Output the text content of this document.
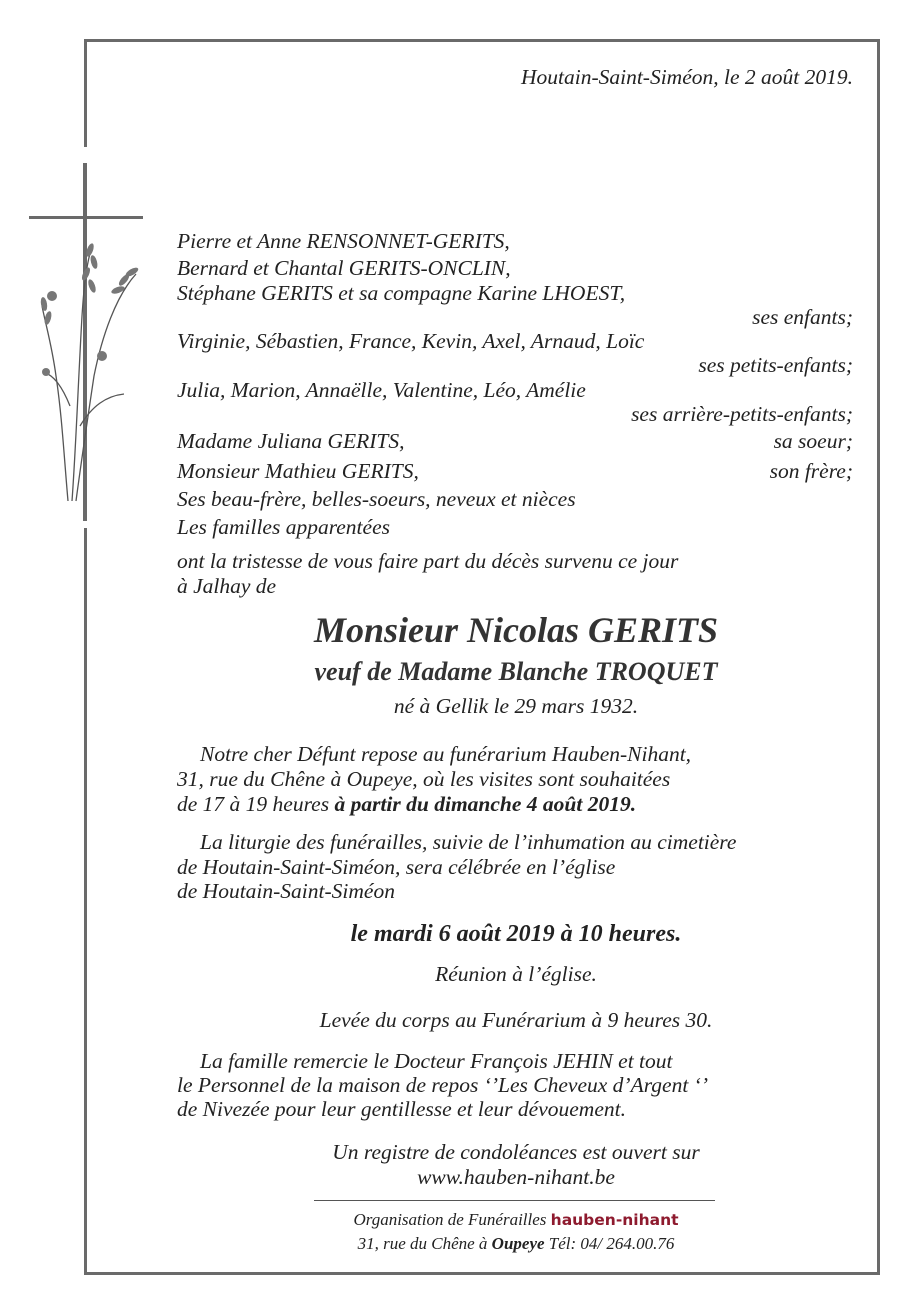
Houtain-Saint-Siméon, le 2 août 2019.
Pierre et Anne RENSONNET-GERITS,
Bernard et Chantal GERITS-ONCLIN,
Stéphane GERITS et sa compagne Karine LHOEST,
ses enfants;
Virginie, Sébastien, France, Kevin, Axel, Arnaud, Loïc
ses petits-enfants;
Julia, Marion, Annaëlle, Valentine, Léo, Amélie
ses arrière-petits-enfants;
Madame Juliana GERITS,	sa soeur;
Monsieur Mathieu GERITS,	son frère;
Ses beau-frère, belles-soeurs, neveux et nièces
Les familles apparentées
ont la tristesse de vous faire part du décès survenu ce jour
à Jalhay de
Monsieur Nicolas GERITS
veuf de Madame Blanche TROQUET
né à Gellik le 29 mars 1932.
Notre cher Défunt repose au funérarium Hauben-Nihant,
31, rue du Chêne à Oupeye, où les visites sont souhaitées
de 17 à 19 heures à partir du dimanche 4 août 2019.
La liturgie des funérailles, suivie de l’inhumation au cimetière
de Houtain-Saint-Siméon, sera célébrée en l’église
de Houtain-Saint-Siméon
le mardi 6 août 2019 à 10 heures.
Réunion à l’église.
Levée du corps au Funérarium à 9 heures 30.
La famille remercie le Docteur François JEHIN et tout
le Personnel de la maison de repos ‘’Les Cheveux d’Argent ‘’
de Nivezée pour leur gentillesse et leur dévouement.
Un registre de condoléances est ouvert sur
www.hauben-nihant.be
Organisation de Funérailles hauben-nihant
31, rue du Chêne à Oupeye Tél: 04/ 264.00.76
